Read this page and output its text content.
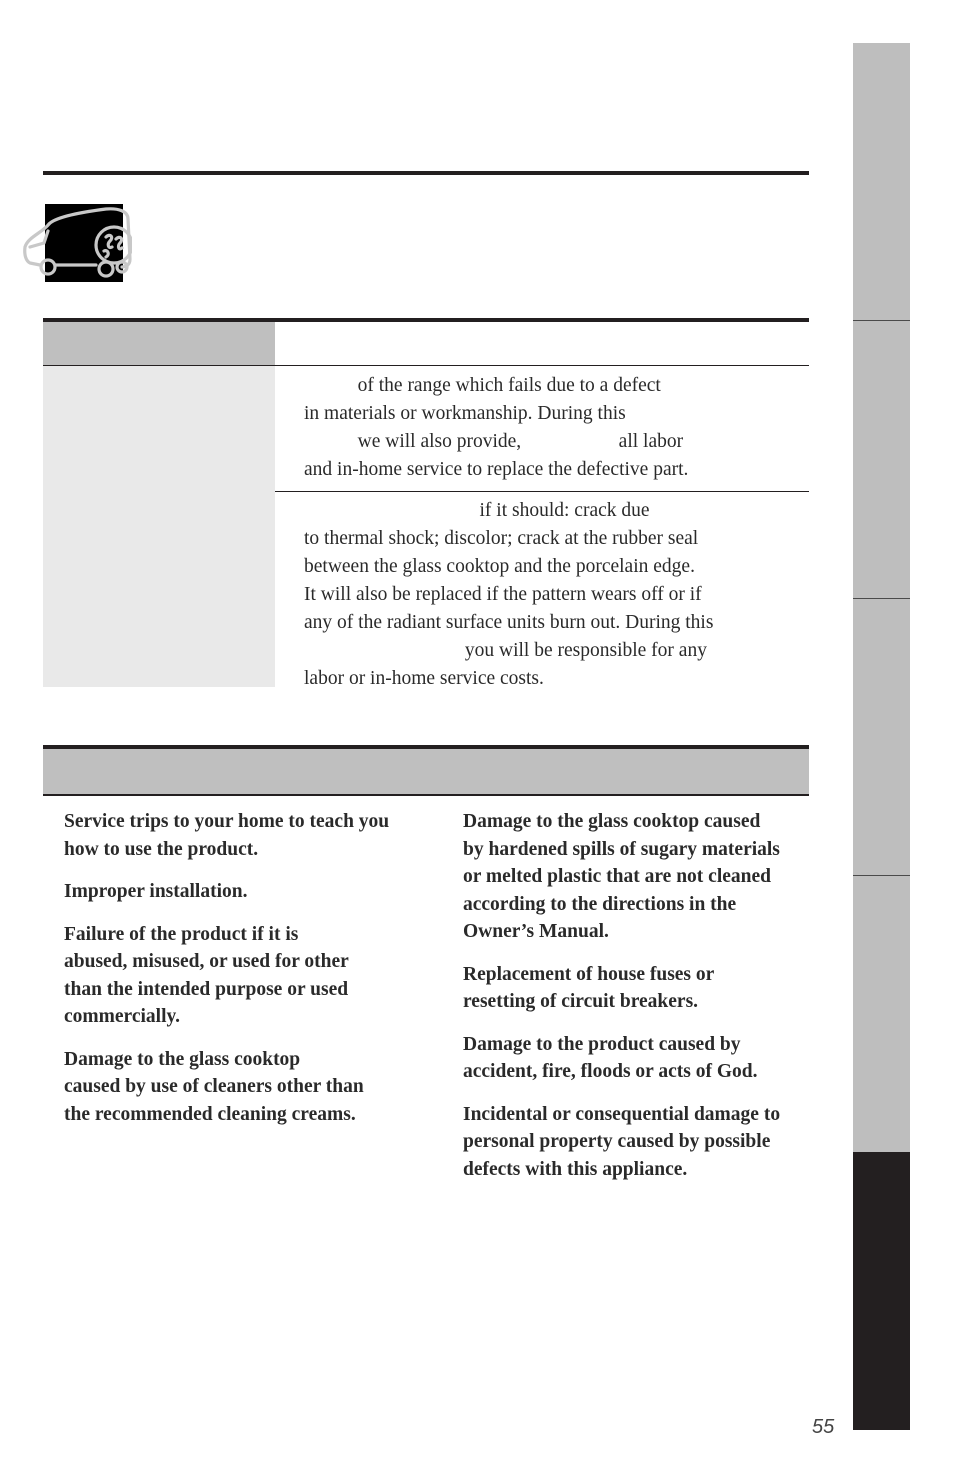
of the range which fails due to a defect
in materials or workmanship. During this
we will also provide,                    all labor
and in-home service to replace the defective part.

if it should: crack due
to thermal shock; discolor; crack at the rubber seal
between the glass cooktop and the porcelain edge.
It will also be replaced if the pattern wears off or if
any of the radiant surface units burn out. During this
you will be responsible for any
labor or in-home service costs.

Service trips to your home to teach you
how to use the product.
Improper installation.
Failure of the product if it is
abused, misused, or used for other
than the intended purpose or used
commercially.
Damage to the glass cooktop
caused by use of cleaners other than
the recommended cleaning creams.
Damage to the glass cooktop caused
by hardened spills of sugary materials
or melted plastic that are not cleaned
according to the directions in the
Owner’s Manual.
Replacement of house fuses or
resetting of circuit breakers.
Damage to the product caused by
accident, fire, floods or acts of God.
Incidental or consequential damage to
personal property caused by possible
defects with this appliance.
55
